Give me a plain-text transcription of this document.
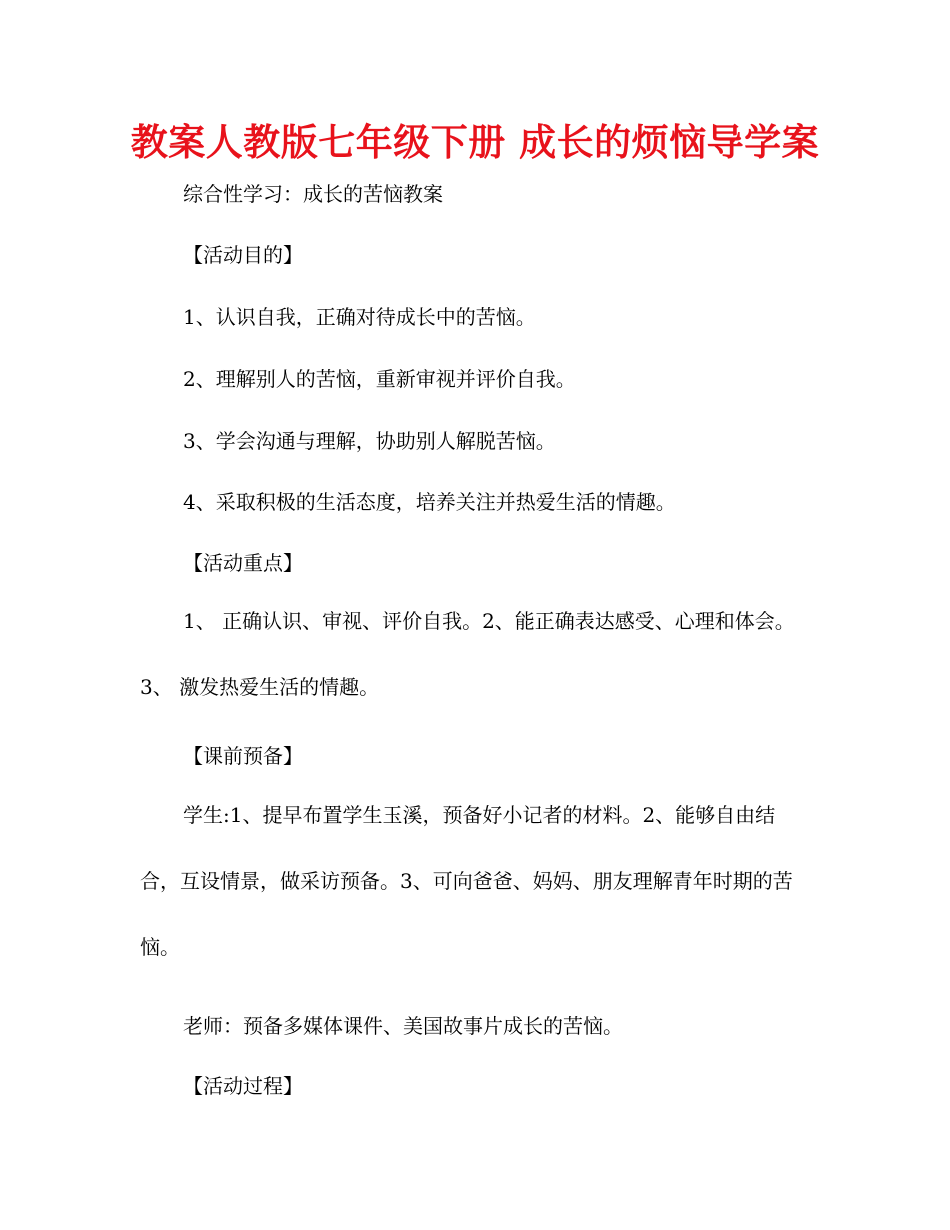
教案人教版七年级下册 成长的烦恼导学案
综合性学习：成长的苦恼教案
【活动目的】
1、认识自我，正确对待成长中的苦恼。
2、理解别人的苦恼，重新审视并评价自我。
3、学会沟通与理解，协助别人解脱苦恼。
4、采取积极的生活态度，培养关注并热爱生活的情趣。
【活动重点】
1、 正确认识、审视、评价自我。2、能正确表达感受、心理和体会。3、 激发热爱生活的情趣。
【课前预备】
学生:1、提早布置学生玉溪，预备好小记者的材料。2、能够自由结合，互设情景，做采访预备。3、可向爸爸、妈妈、朋友理解青年时期的苦恼。
老师：预备多媒体课件、美国故事片成长的苦恼。
【活动过程】
